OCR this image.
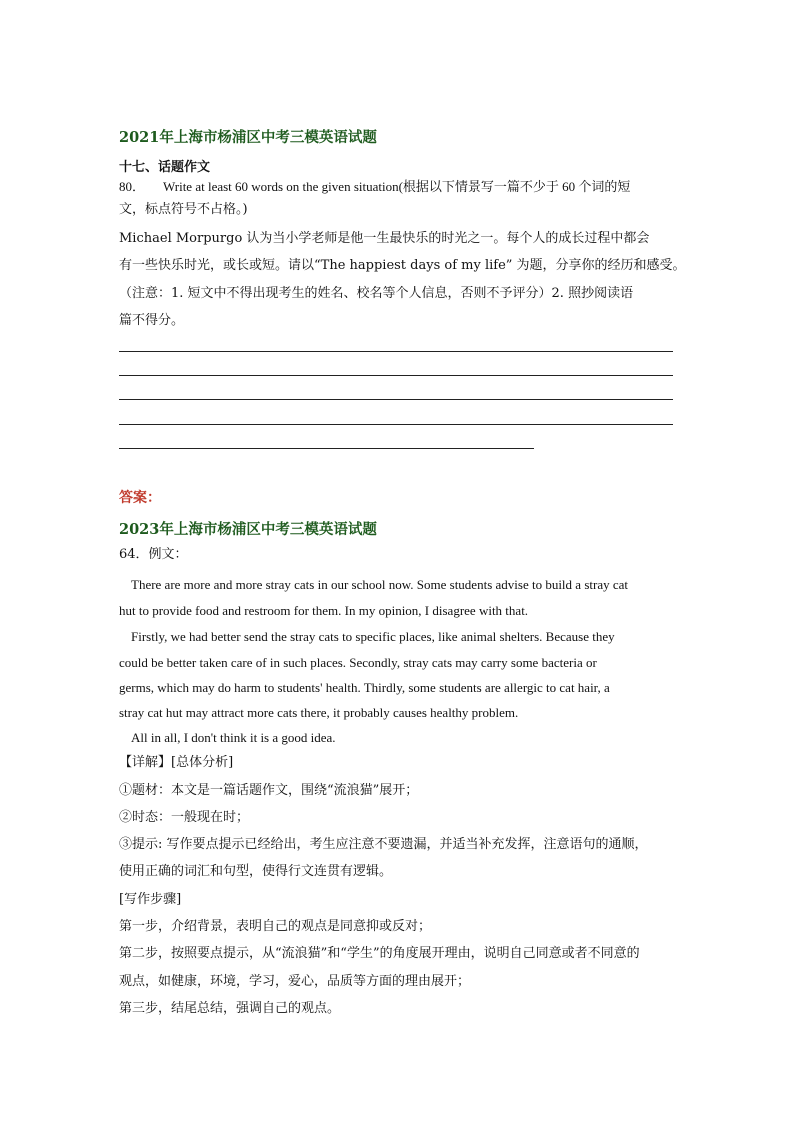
2021年上海市杨浦区中考三模英语试题
十七、话题作文
80． Write at least 60 words on the given situation(根据以下情景写一篇不少于 60 个词的短
文，标点符号不占格。)
Michael Morpurgo 认为当小学老师是他一生最快乐的时光之一。每个人的成长过程中都会
有一些快乐时光，或长或短。请以“The happiest days of my life” 为题，分享你的经历和感受。
（注意：1. 短文中不得出现考生的姓名、校名等个人信息，否则不予评分）2. 照抄阅读语
篇不得分。
答案：
2023年上海市杨浦区中考三模英语试题
64．例文：
There are more and more stray cats in our school now. Some students advise to build a stray cat
hut to provide food and restroom for them. In my opinion, I disagree with that.
Firstly, we had better send the stray cats to specific places, like animal shelters. Because they
could be better taken care of in such places. Secondly, stray cats may carry some bacteria or
germs, which may do harm to students' health. Thirdly, some students are allergic to cat hair, a
stray cat hut may attract more cats there, it probably causes healthy problem.
All in all, I don't think it is a good idea.
【详解】[总体分析]
①题材：本文是一篇话题作文，围绕“流浪猫”展开；
②时态：一般现在时；
③提示: 写作要点提示已经给出，考生应注意不要遗漏，并适当补充发挥，注意语句的通顺，
使用正确的词汇和句型，使得行文连贯有逻辑。
[写作步骤]
第一步，介绍背景，表明自己的观点是同意抑或反对；
第二步，按照要点提示，从“流浪猫”和“学生”的角度展开理由，说明自己同意或者不同意的
观点，如健康，环境，学习，爱心，品质等方面的理由展开；
第三步，结尾总结，强调自己的观点。
